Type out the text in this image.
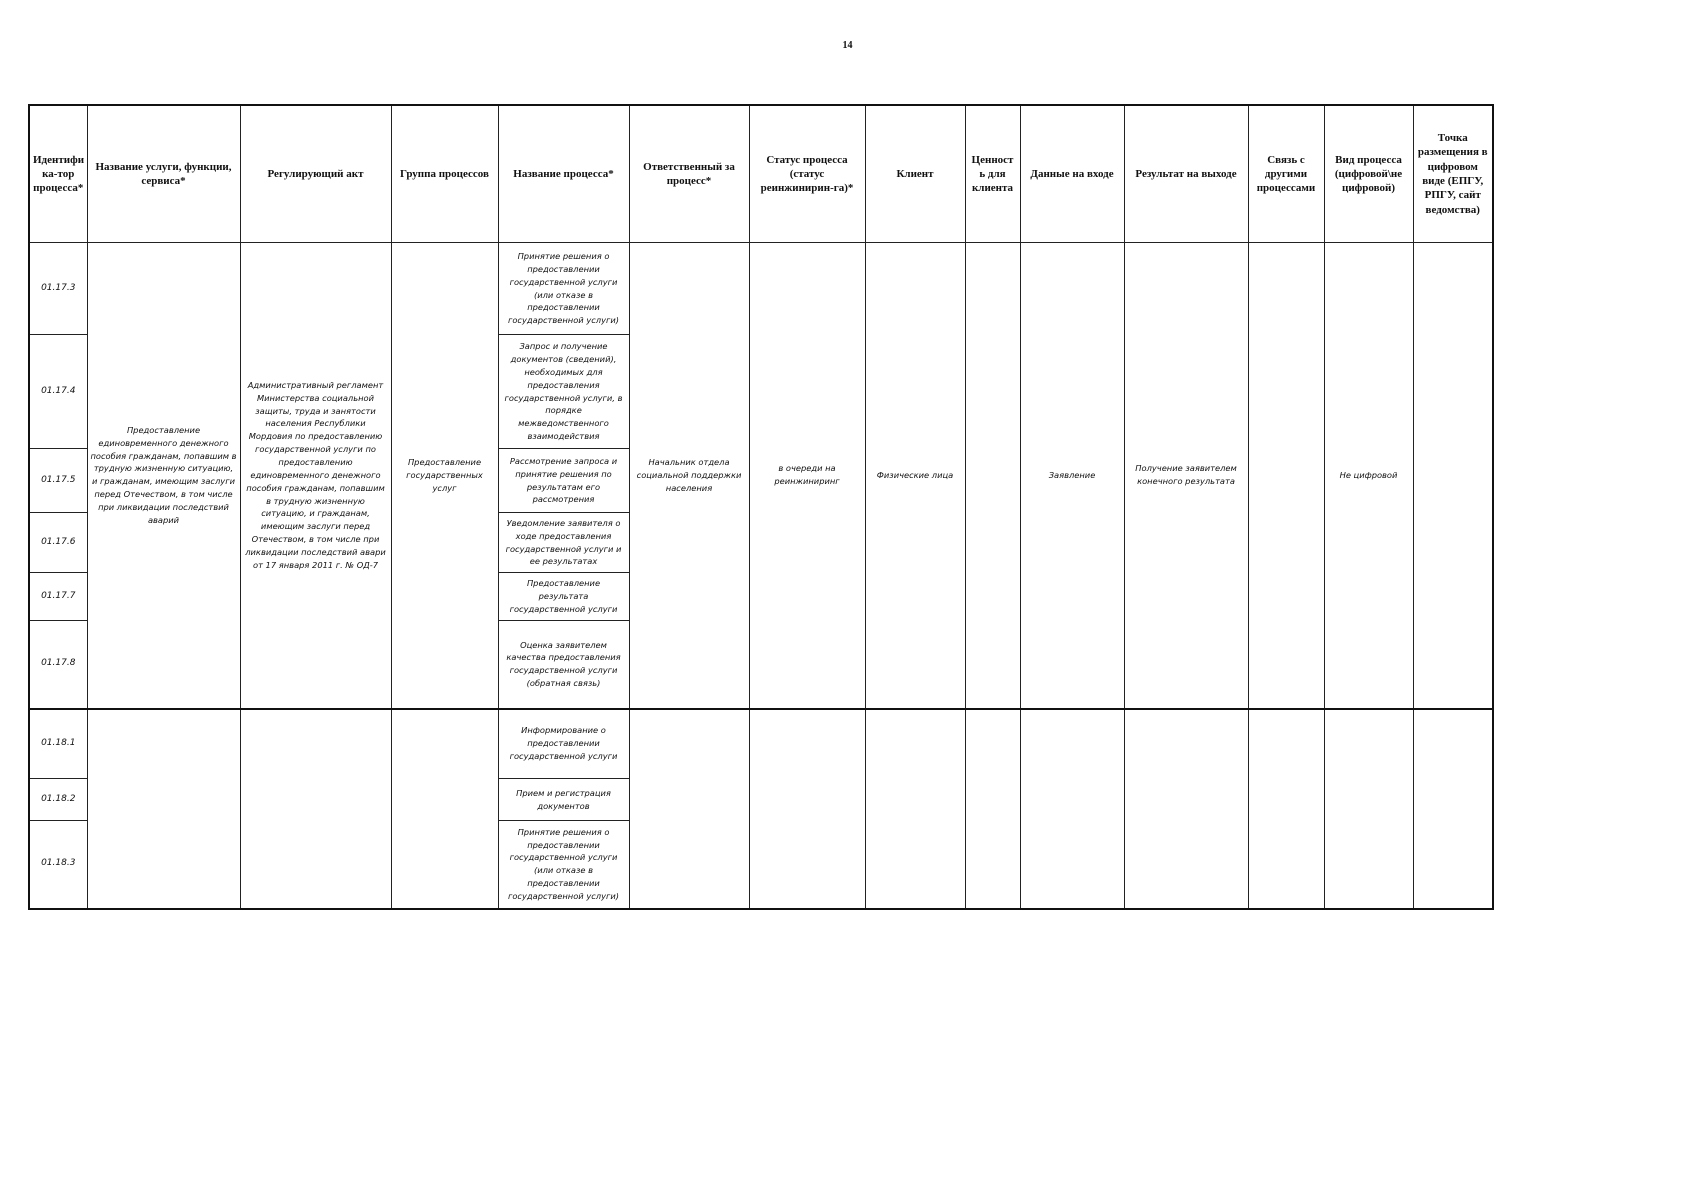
14
Идентифи ка-тор процесса*	Название услуги, функции, сервиса*	Регулирующий акт	Группа процессов	Название процесса*	Ответственный за процесс*	Статус процесса (статус реинжинирин-га)*	Клиент	Ценност ь для клиента	Данные на входе	Результат на выходе	Связь с другими процессами	Вид процесса (цифровой\не цифровой)	Точка размещения в цифровом виде (ЕПГУ, РПГУ, сайт ведомства)
01.17.3	Предоставление единовременного денежного пособия гражданам, попавшим в трудную жизненную ситуацию, и гражданам, имеющим заслуги перед Отечеством, в том числе при ликвидации последствий аварий	Административный регламент Министерства социальной защиты, труда и занятости населения Республики Мордовия по предоставлению государственной услуги по предоставлению единовременного денежного пособия гражданам, попавшим в трудную жизненную ситуацию, и гражданам, имеющим заслуги перед Отечеством, в том числе при ликвидации последствий авари от 17 января 2011 г. № ОД-7	Предоставление государственных услуг	Принятие решения о предоставлении государственной услуги (или отказе в предоставлении государственной услуги)	Начальник отдела социальной поддержки населения	в очереди на реинжиниринг	Физические лица		Заявление	Получение заявителем конечного результата		Не цифровой	
01.17.4				Запрос и получение документов (сведений), необходимых для предоставления государственной услуги, в порядке межведомственного взаимодействия									
01.17.5				Рассмотрение запроса и принятие решения по результатам его рассмотрения									
01.17.6				Уведомление заявителя о ходе предоставления государственной услуги и ее результатах									
01.17.7				Предоставление результата государственной услуги									
01.17.8				Оценка заявителем качества предоставления государственной услуги (обратная связь)									
01.18.1				Информирование о предоставлении государственной услуги									
01.18.2				Прием и регистрация документов									
01.18.3				Принятие решения о предоставлении государственной услуги (или отказе в предоставлении государственной услуги)									
